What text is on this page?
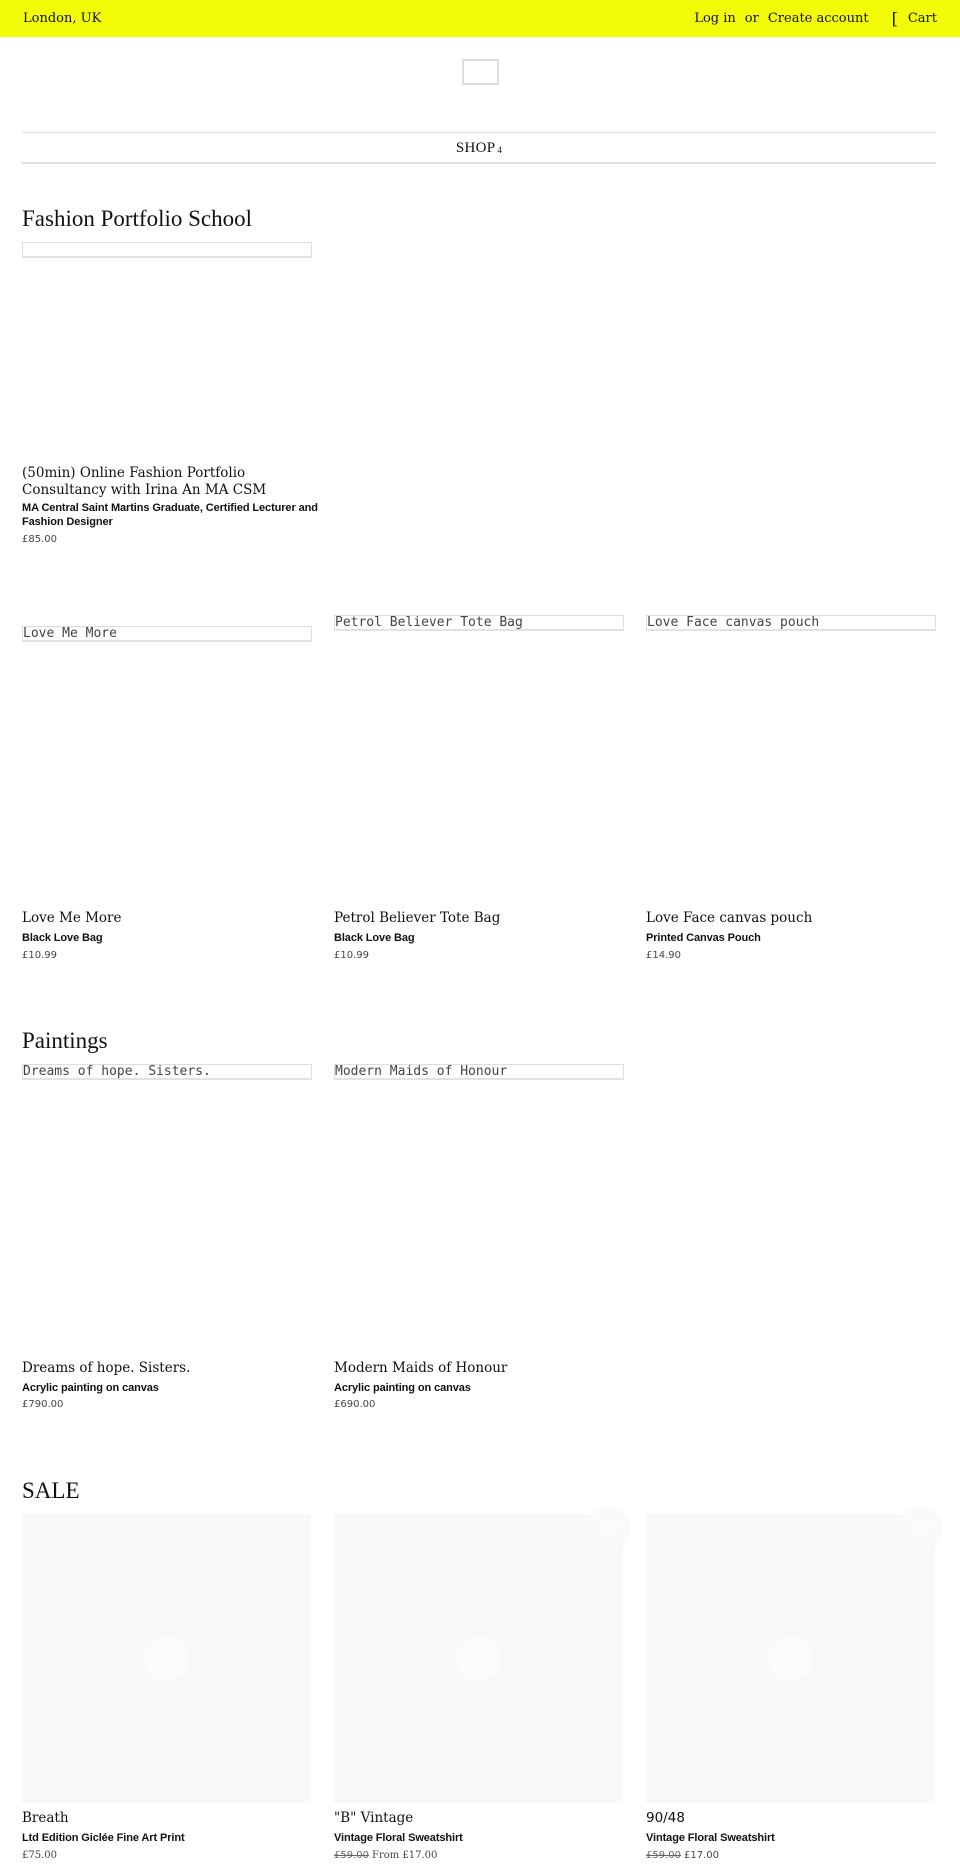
London, UK	Log in or Create account [ Cart
SHOP $_4$
Fashion Portfolio School
(50min) Online Fashion Portfolio Consultancy with Irina An MA CSM
MA Central Saint Martins Graduate, Certified Lecturer and Fashion Designer
£85.00
Love Me More
Petrol Believer Tote Bag	Love Face canvas pouch
Love Me More
Black Love Bag
£10.99
Petrol Believer Tote Bag
Black Love Bag
£10.99
Love Face canvas pouch
Printed Canvas Pouch
£14.90
Paintings
Dreams of hope. Sisters.	Modern Maids of Honour
Dreams of hope. Sisters.
Acrylic painting on canvas
£790.00
Modern Maids of Honour
Acrylic painting on canvas
£690.00
SALE
Sale	Sale
Breath
Ltd Edition Giclée Fine Art Print
£75.00
"B" Vintage
Vintage Floral Sweatshirt
£59.00 From £17.00
90/48
Vintage Floral Sweatshirt
£59.00 £17.00
